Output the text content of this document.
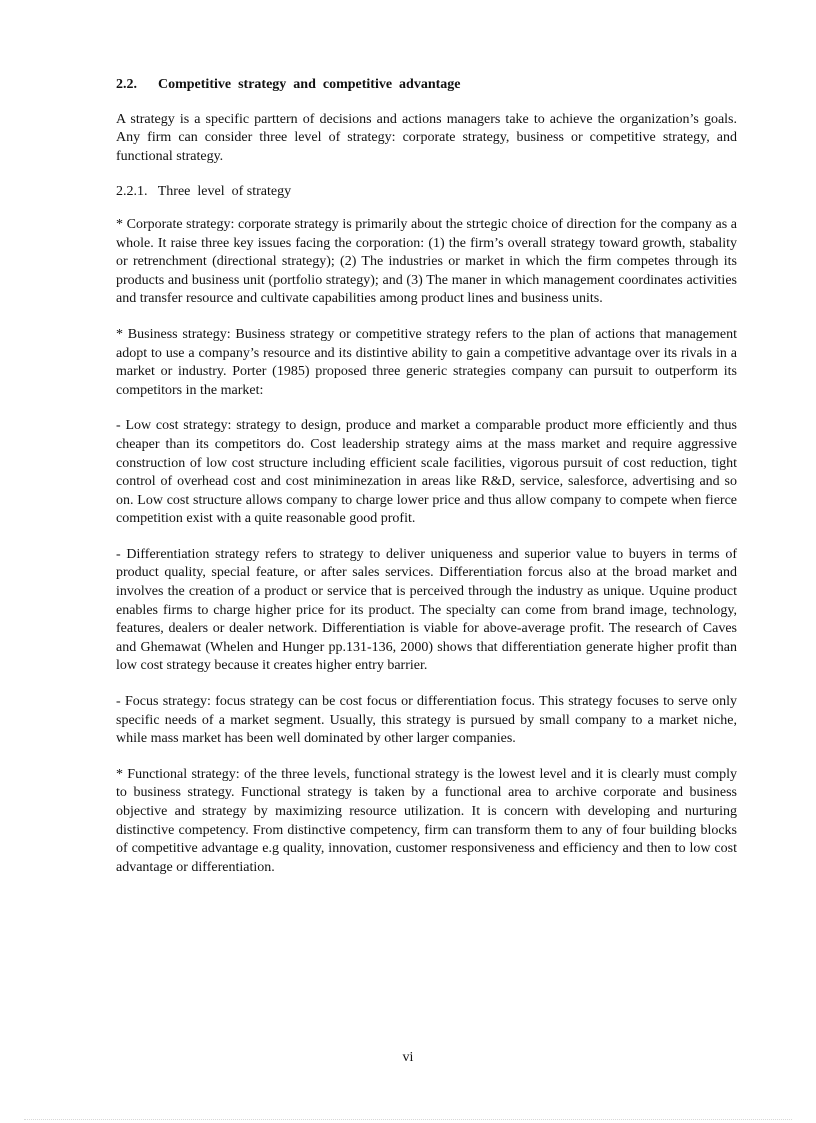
2.2.      Competitive  strategy  and  competitive  advantage

A strategy is a specific parttern of decisions and actions managers take to achieve the organization’s goals. Any firm can consider three level of strategy: corporate strategy, business or competitive strategy, and functional strategy.

2.2.1.   Three  level  of strategy

* Corporate strategy: corporate strategy is primarily about the strtegic choice of direction for the company as a whole. It raise three key issues facing the corporation: (1) the firm’s overall strategy toward growth, stabality or retrenchment (directional strategy); (2) The industries or market in which the firm competes through its products and business unit (portfolio strategy); and (3) The maner in which management coordinates activities and transfer resource and cultivate capabilities among product lines and business units.

* Business strategy: Business strategy or competitive strategy refers to the plan of actions that management adopt to use a company’s resource and its distintive ability to gain a competitive advantage over its rivals in a market or industry. Porter (1985) proposed three generic strategies company can pursuit to outperform its competitors in the market:

- Low cost strategy: strategy to design, produce and market a comparable product more efficiently and thus cheaper than its competitors do. Cost leadership strategy aims at the mass market and require aggressive construction of low cost structure including efficient scale facilities, vigorous pursuit of cost reduction, tight control of overhead cost and cost miniminezation in areas like R&D, service, salesforce, advertising and so on. Low cost structure allows company to charge lower price and thus allow company to compete when fierce competition exist with a quite reasonable good profit.

- Differentiation strategy refers to strategy to deliver uniqueness and superior value to buyers in terms of product quality, special feature, or after sales services. Differentiation forcus also at the broad market and involves the creation of a product or service that is perceived through the industry as unique. Uquine product enables firms to charge higher price for its product. The specialty can come from brand image, technology, features, dealers or dealer network. Differentiation is viable for above-average profit. The research of Caves and Ghemawat (Whelen and Hunger pp.131-136, 2000) shows that differentiation generate higher profit than low cost strategy because it creates higher entry barrier.

- Focus strategy: focus strategy can be cost focus or differentiation focus. This strategy focuses to serve only specific needs of a market segment. Usually, this strategy is pursued by small company to a market niche, while mass market has been well dominated by other larger companies.

* Functional strategy: of the three levels, functional strategy is the lowest level and it is clearly must comply to business strategy. Functional strategy is taken by a functional area to archive corporate and business objective and strategy by maximizing resource utilization. It is concern with developing and nurturing distinctive competency. From distinctive competency, firm can transform them to any of four building blocks of competitive advantage e.g quality, innovation, customer responsiveness and efficiency and then to low cost advantage or differentiation.

vi
